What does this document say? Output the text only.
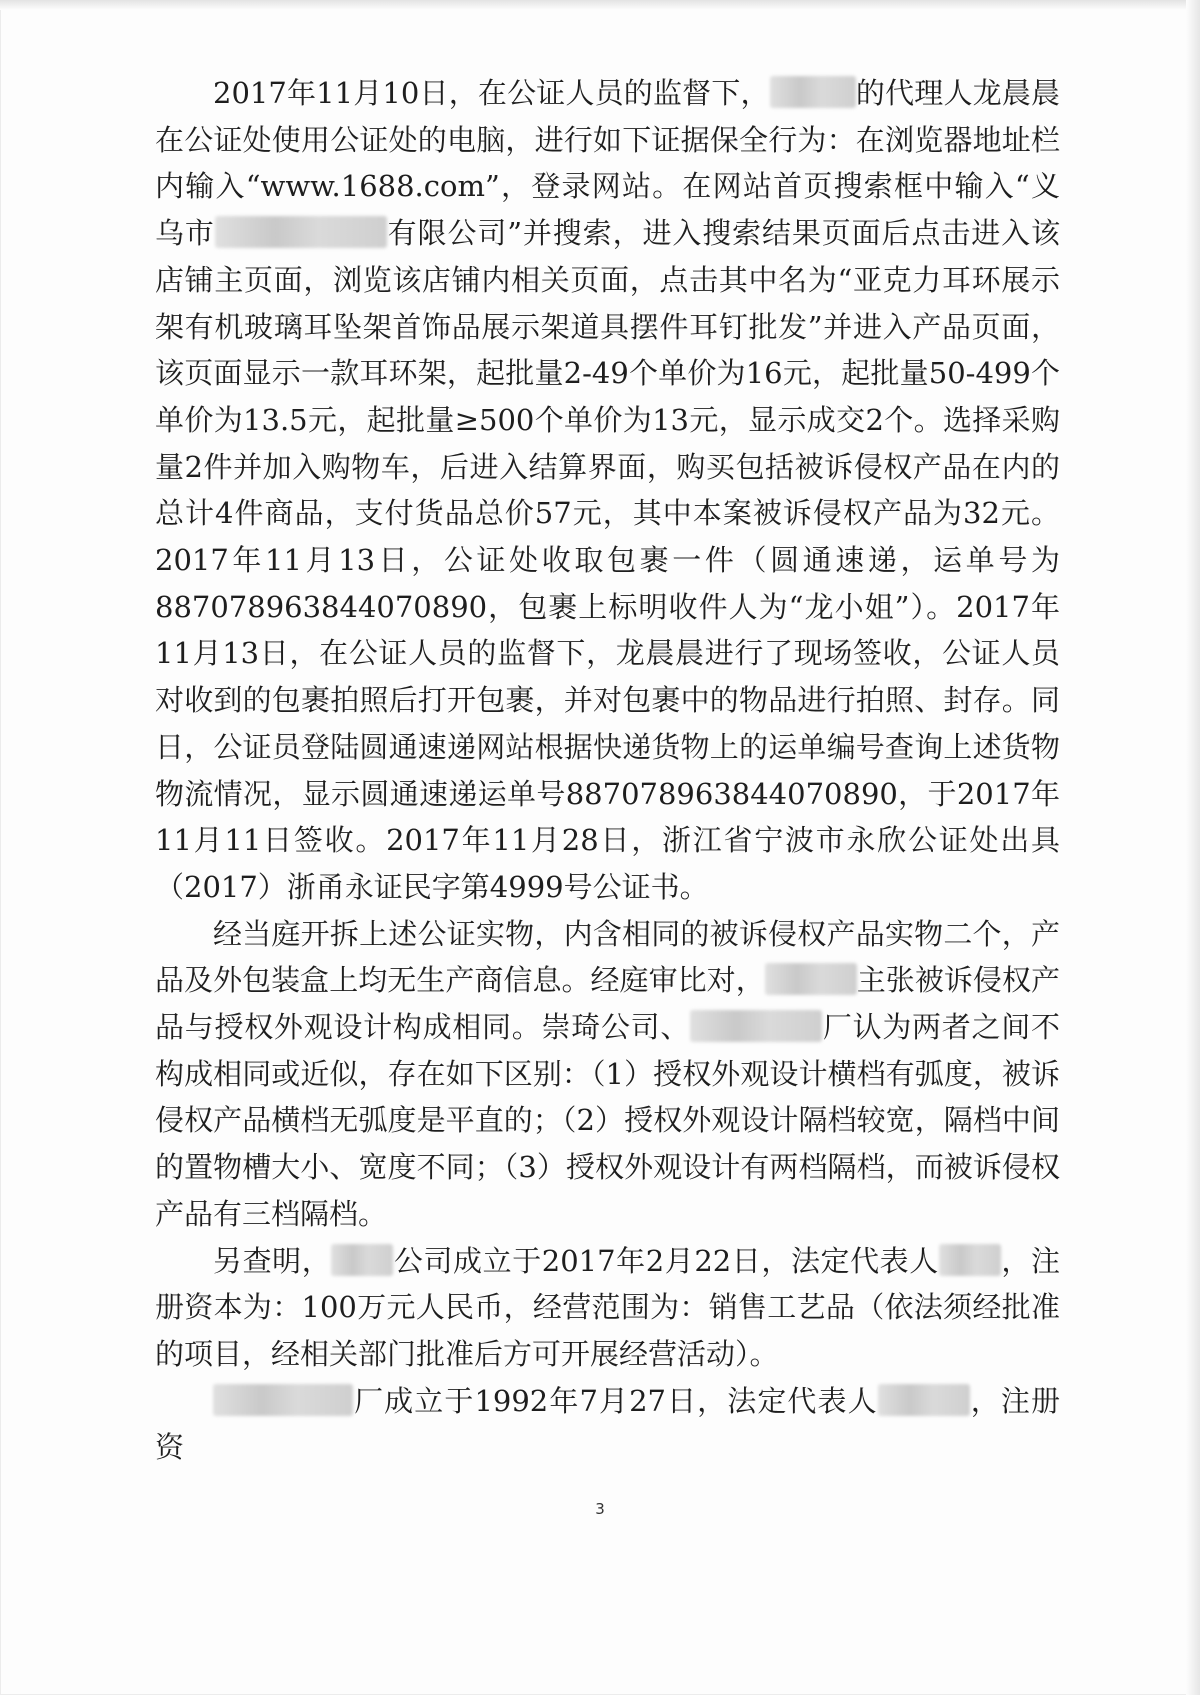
2017年11月10日，在公证人员的监督下，	的代理人龙晨晨在公证处使用公证处的电脑，进行如下证据保全行为：在浏览器地址栏内输入“www.1688.com”，登录网站。在网站首页搜索框中输入“义乌市	有限公司”并搜索，进入搜索结果页面后点击进入该店铺主页面，浏览该店铺内相关页面，点击其中名为“亚克力耳环展示架有机玻璃耳坠架首饰品展示架道具摆件耳钉批发”并进入产品页面，该页面显示一款耳环架，起批量2-49个单价为16元，起批量50-499个单价为13.5元，起批量≥500个单价为13元，显示成交2个。选择采购量2件并加入购物车，后进入结算界面，购买包括被诉侵权产品在内的总计4件商品，支付货品总价57元，其中本案被诉侵权产品为32元。2017年11月13日，公证处收取包裹一件（圆通速递，运单号为887078963844070890，包裹上标明收件人为“龙小姐”）。2017年11月13日，在公证人员的监督下，龙晨晨进行了现场签收，公证人员对收到的包裹拍照后打开包裹，并对包裹中的物品进行拍照、封存。同日，公证员登陆圆通速递网站根据快递货物上的运单编号查询上述货物物流情况，显示圆通速递运单号887078963844070890，于2017年11月11日签收。2017年11月28日，浙江省宁波市永欣公证处出具（2017）浙甬永证民字第4999号公证书。

经当庭开拆上述公证实物，内含相同的被诉侵权产品实物二个，产品及外包装盒上均无生产商信息。经庭审比对，	主张被诉侵权产品与授权外观设计构成相同。崇琦公司、	厂认为两者之间不构成相同或近似，存在如下区别：（1）授权外观设计横档有弧度，被诉侵权产品横档无弧度是平直的；（2）授权外观设计隔档较宽，隔档中间的置物槽大小、宽度不同；（3）授权外观设计有两档隔档，而被诉侵权产品有三档隔档。

另查明， 公司成立于2017年2月22日，法定代表人 ，注册资本为：100万元人民币，经营范围为：销售工艺品（依法须经批准的项目，经相关部门批准后方可开展经营活动）。

厂成立于1992年7月27日，法定代表人	，注册资

3
